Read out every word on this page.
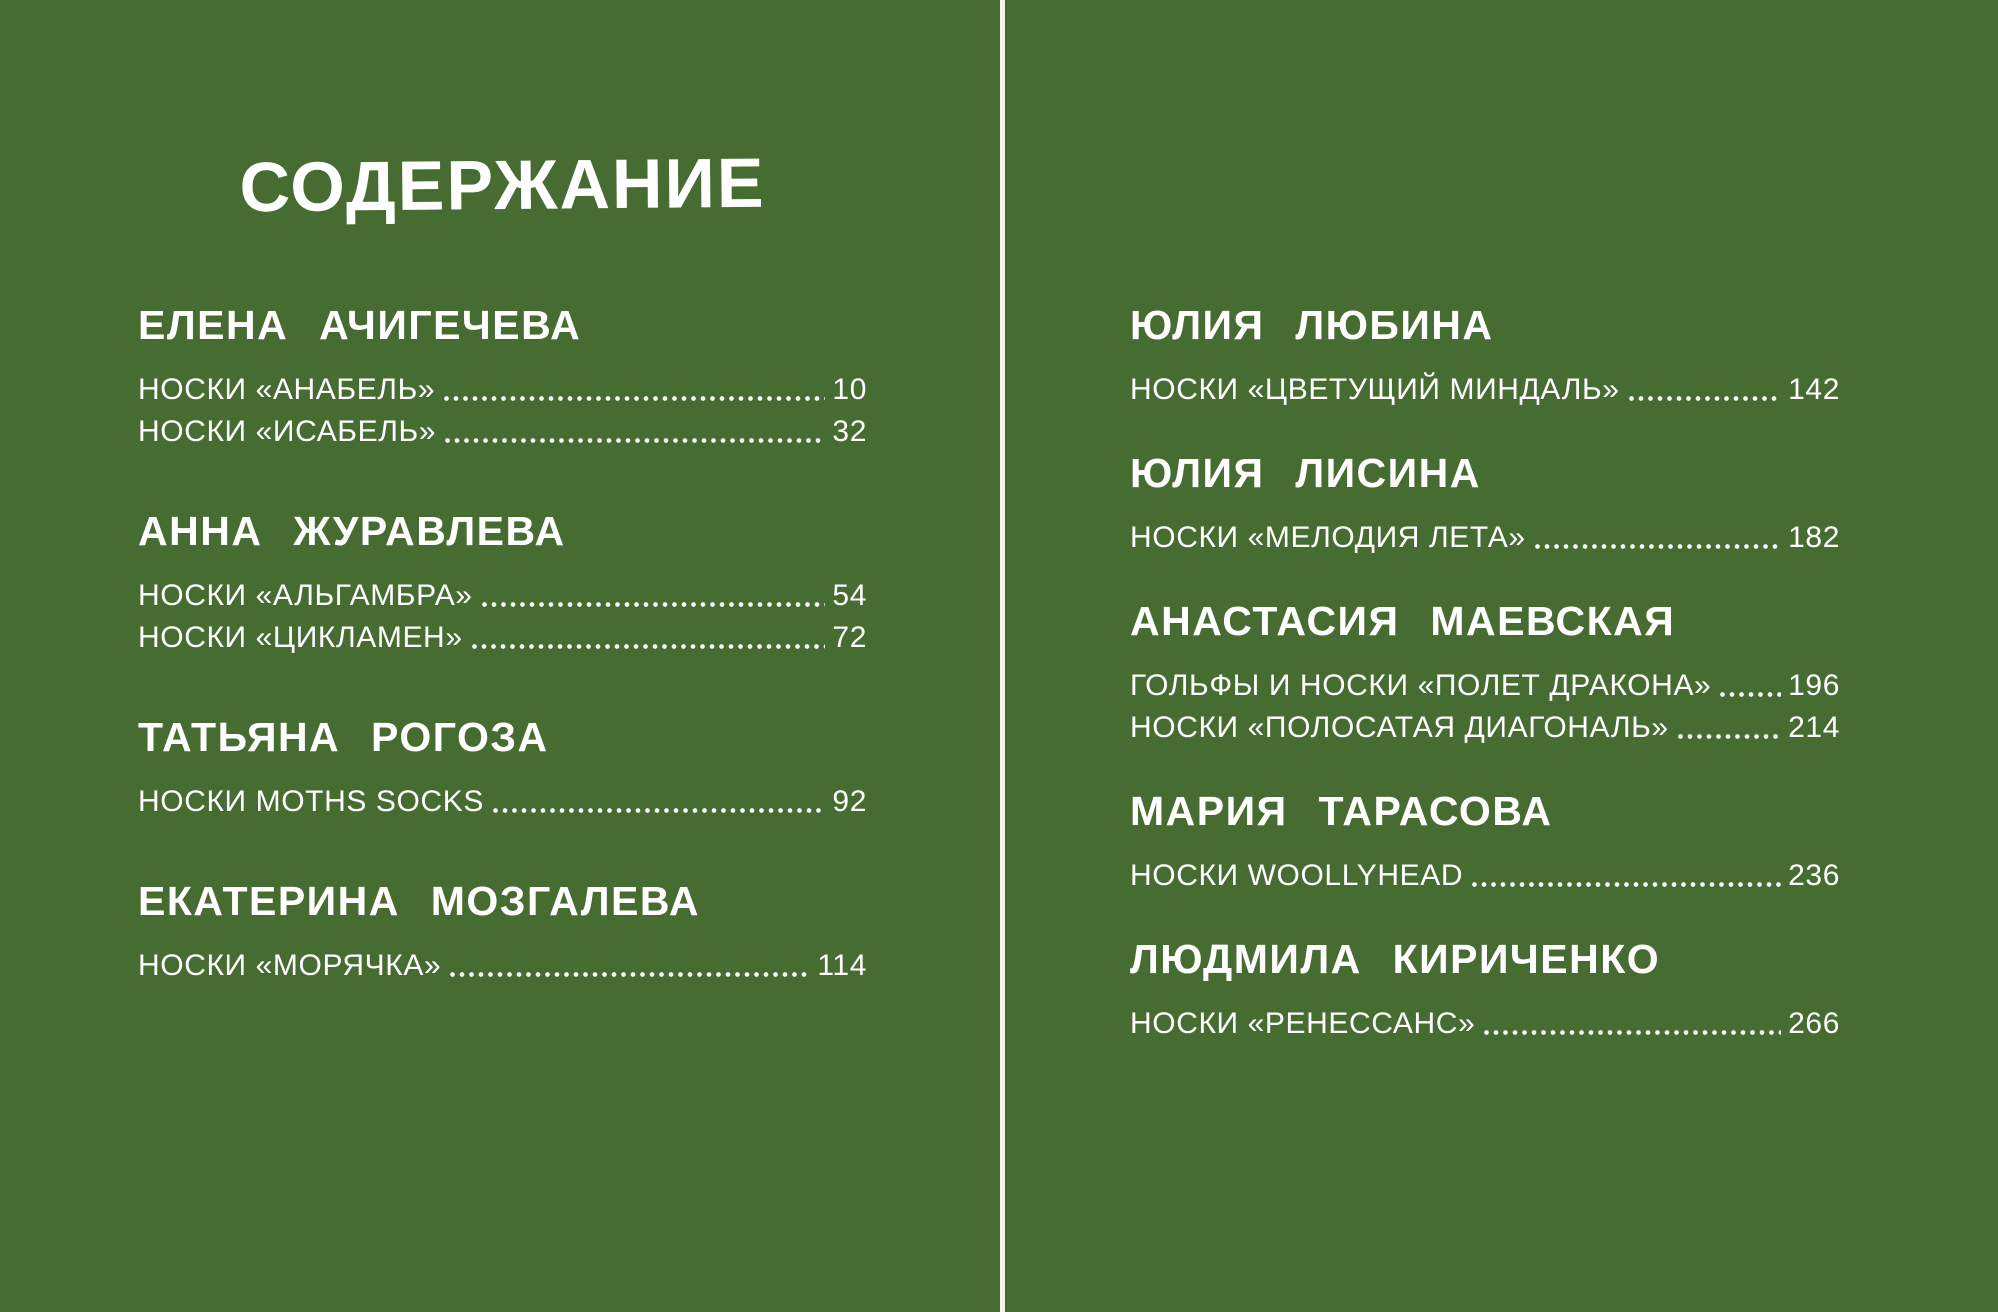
СОДЕРЖАНИЕ
ЕЛЕНА АЧИГЕЧЕВА
НОСКИ «АНАБЕЛЬ»	10
НОСКИ «ИСАБЕЛЬ»	32
АННА ЖУРАВЛЕВА
НОСКИ «АЛЬГАМБРА»	54
НОСКИ «ЦИКЛАМЕН»	72
ТАТЬЯНА РОГОЗА
НОСКИ MOTHS SOCKS	92
ЕКАТЕРИНА МОЗГАЛЕВА
НОСКИ «МОРЯЧКА»	114
ЮЛИЯ ЛЮБИНА
НОСКИ «ЦВЕТУЩИЙ МИНДАЛЬ»	142
ЮЛИЯ ЛИСИНА
НОСКИ «МЕЛОДИЯ ЛЕТА»	182
АНАСТАСИЯ МАЕВСКАЯ
ГОЛЬФЫ И НОСКИ «ПОЛЕТ ДРАКОНА»	196
НОСКИ «ПОЛОСАТАЯ ДИАГОНАЛЬ»	214
МАРИЯ ТАРАСОВА
НОСКИ WOOLLYHEAD	236
ЛЮДМИЛА КИРИЧЕНКО
НОСКИ «РЕНЕССАНС»	266
